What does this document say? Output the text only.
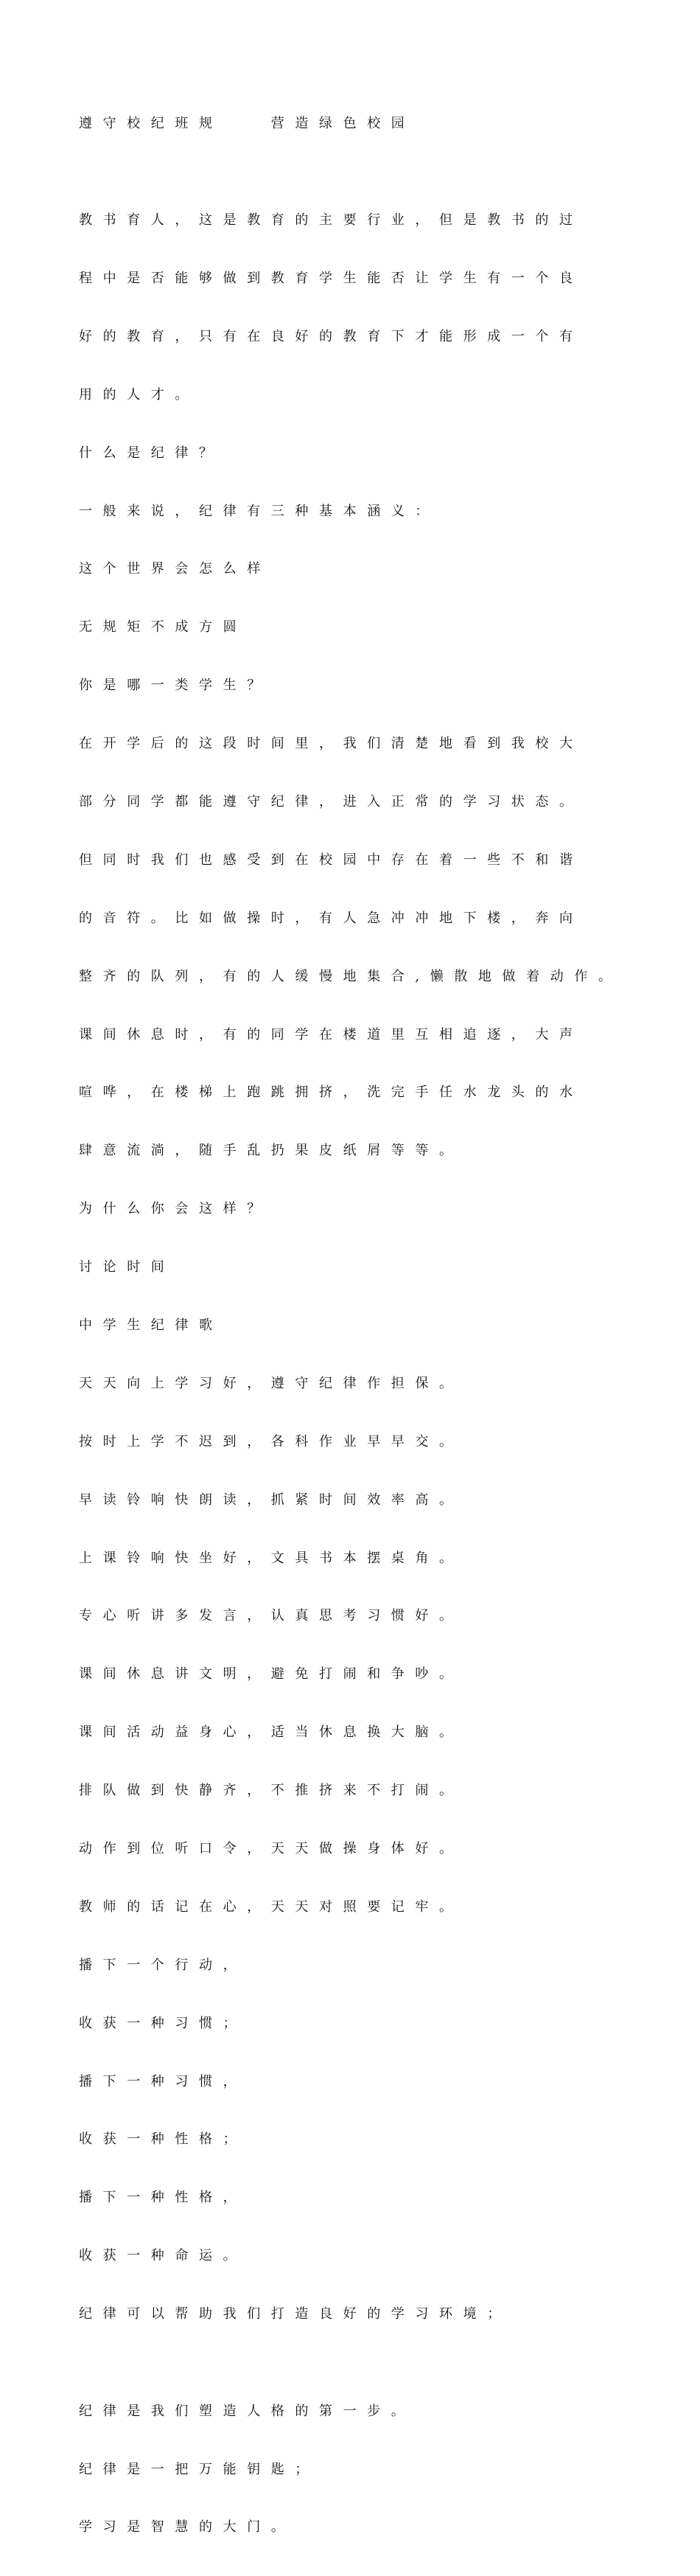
遵守校纪班规　　营造绿色校园

教书育人，这是教育的主要行业，但是教书的过

程中是否能够做到教育学生能否让学生有一个良

好的教育，只有在良好的教育下才能形成一个有

用的人才。

什么是纪律？

一般来说，纪律有三种基本涵义：

这个世界会怎么样

无规矩不成方圆

你是哪一类学生？

在开学后的这段时间里，我们清楚地看到我校大

部分同学都能遵守纪律，进入正常的学习状态。

但同时我们也感受到在校园中存在着一些不和谐

的音符。比如做操时，有人急冲冲地下楼，奔向

整齐的队列，有的人缓慢地集合,懒散地做着动作。

课间休息时，有的同学在楼道里互相追逐，大声

喧哗，在楼梯上跑跳拥挤，洗完手任水龙头的水

肆意流淌，随手乱扔果皮纸屑等等。

为什么你会这样？

讨论时间

中学生纪律歌

天天向上学习好，遵守纪律作担保。

按时上学不迟到，各科作业早早交。

早读铃响快朗读，抓紧时间效率高。

上课铃响快坐好，文具书本摆桌角。

专心听讲多发言，认真思考习惯好。

课间休息讲文明，避免打闹和争吵。

课间活动益身心，适当休息换大脑。

排队做到快静齐，不推挤来不打闹。

动作到位听口令，天天做操身体好。

教师的话记在心，天天对照要记牢。

播下一个行动，

收获一种习惯；

播下一种习惯，

收获一种性格；

播下一种性格，

收获一种命运。

纪律可以帮助我们打造良好的学习环境；

纪律是我们塑造人格的第一步。

纪律是一把万能钥匙；

学习是智慧的大门。
